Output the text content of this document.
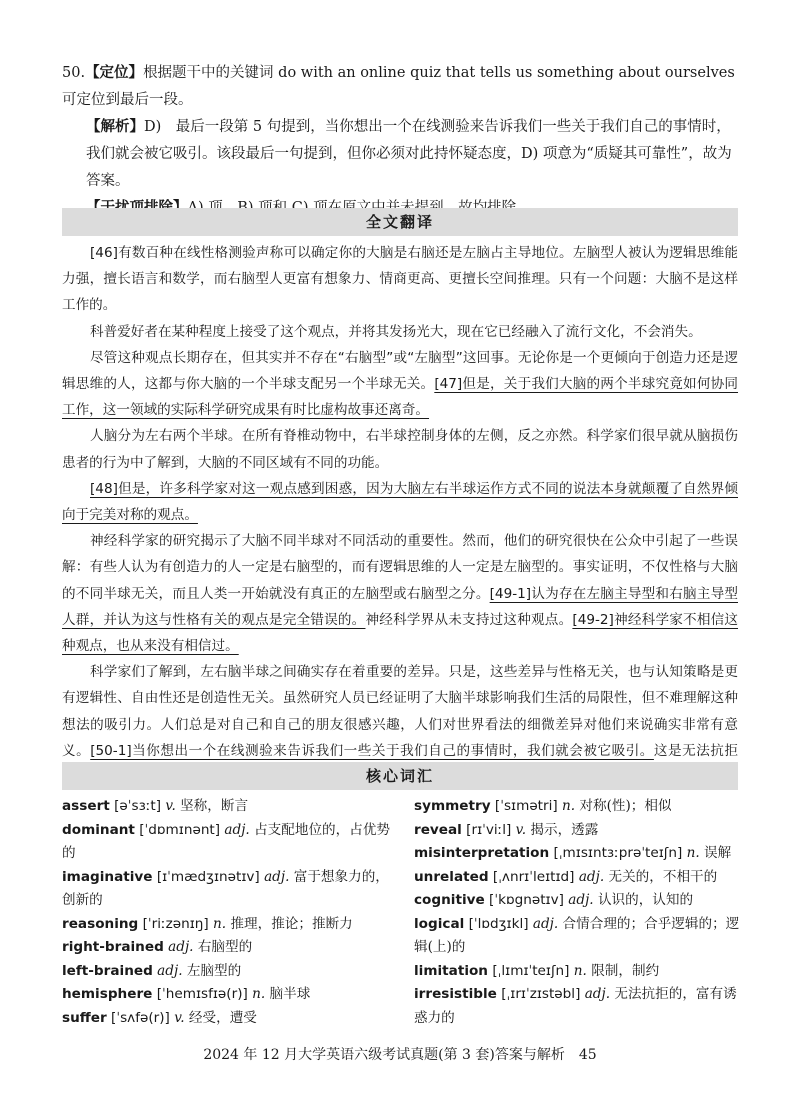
50.【定位】根据题干中的关键词 do with an online quiz that tells us something about ourselves 可定位到最后一段。

【解析】D)　最后一段第 5 句提到，当你想出一个在线测验来告诉我们一些关于我们自己的事情时，我们就会被它吸引。该段最后一句提到，但你必须对此持怀疑态度，D) 项意为“质疑其可靠性”，故为答案。

全文翻译

[46]有数百种在线性格测验声称可以确定你的大脑是右脑还是左脑占主导地位。左脑型人被认为逻辑思维能力强，擅长语言和数学，而右脑型人更富有想象力、情商更高、更擅长空间推理。只有一个问题：大脑不是这样工作的。

科普爱好者在某种程度上接受了这个观点，并将其发扬光大，现在它已经融入了流行文化，不会消失。

尽管这种观点长期存在，但其实并不存在“右脑型”或“左脑型”这回事。无论你是一个更倾向于创造力还是逻辑思维的人，这都与你大脑的一个半球支配另一个半球无关。[47]但是，关于我们大脑的两个半球究竟如何协同工作，这一领域的实际科学研究成果有时比虚构故事还离奇。

人脑分为左右两个半球。在所有脊椎动物中，右半球控制身体的左侧，反之亦然。科学家们很早就从脑损伤患者的行为中了解到，大脑的不同区域有不同的功能。

[48]但是，许多科学家对这一观点感到困惑，因为大脑左右半球运作方式不同的说法本身就颠覆了自然界倾向于完美对称的观点。

神经科学家的研究揭示了大脑不同半球对不同活动的重要性。然而，他们的研究很快在公众中引起了一些误解：有些人认为有创造力的人一定是右脑型的，而有逻辑思维的人一定是左脑型的。事实证明，不仅性格与大脑的不同半球无关，而且人类一开始就没有真正的左脑型或右脑型之分。[49-1]认为存在左脑主导型和右脑主导型人群，并认为这与性格有关的观点是完全错误的。神经科学界从未支持过这种观点。[49-2]神经科学家不相信这种观点，也从来没有相信过。

科学家们了解到，左右脑半球之间确实存在着重要的差异。只是，这些差异与性格无关，也与认知策略是更有逻辑性、自由性还是创造性无关。虽然研究人员已经证明了大脑半球影响我们生活的局限性，但不难理解这种想法的吸引力。人们总是对自己和自己的朋友很感兴趣，人们对世界看法的细微差异对他们来说确实非常有意义。[50-1]当你想出一个在线测验来告诉我们一些关于我们自己的事情时，我们就会被它吸引。这是无法抗拒

核心词汇

assert [əˈsɜːt] v. 坚称，断言

dominant [ˈdɒmɪnənt] adj. 占支配地位的，占优势的

imaginative [ɪˈmædʒɪnətɪv] adj. 富于想象力的，创新的

reasoning [ˈriːzənɪŋ] n. 推理，推论；推断力

right-brained adj. 右脑型的

left-brained adj. 左脑型的

hemisphere [ˈhemɪsfɪə(r)] n. 脑半球

suffer [ˈsʌfə(r)] v. 经受，遭受

symmetry [ˈsɪmətri] n. 对称(性)；相似

reveal [rɪˈviːl] v. 揭示，透露

misinterpretation [ˌmɪsɪntɜːprəˈteɪʃn] n. 误解

unrelated [ˌʌnrɪˈleɪtɪd] adj. 无关的，不相干的

cognitive [ˈkɒgnətɪv] adj. 认识的，认知的

logical [ˈlɒdʒɪkl] adj. 合情合理的；合乎逻辑的；逻辑(上)的

limitation [ˌlɪmɪˈteɪʃn] n. 限制，制约

irresistible [ˌɪrɪˈzɪstəbl] adj. 无法抗拒的，富有诱惑力的

2024 年 12 月大学英语六级考试真题(第 3 套)答案与解析　45
